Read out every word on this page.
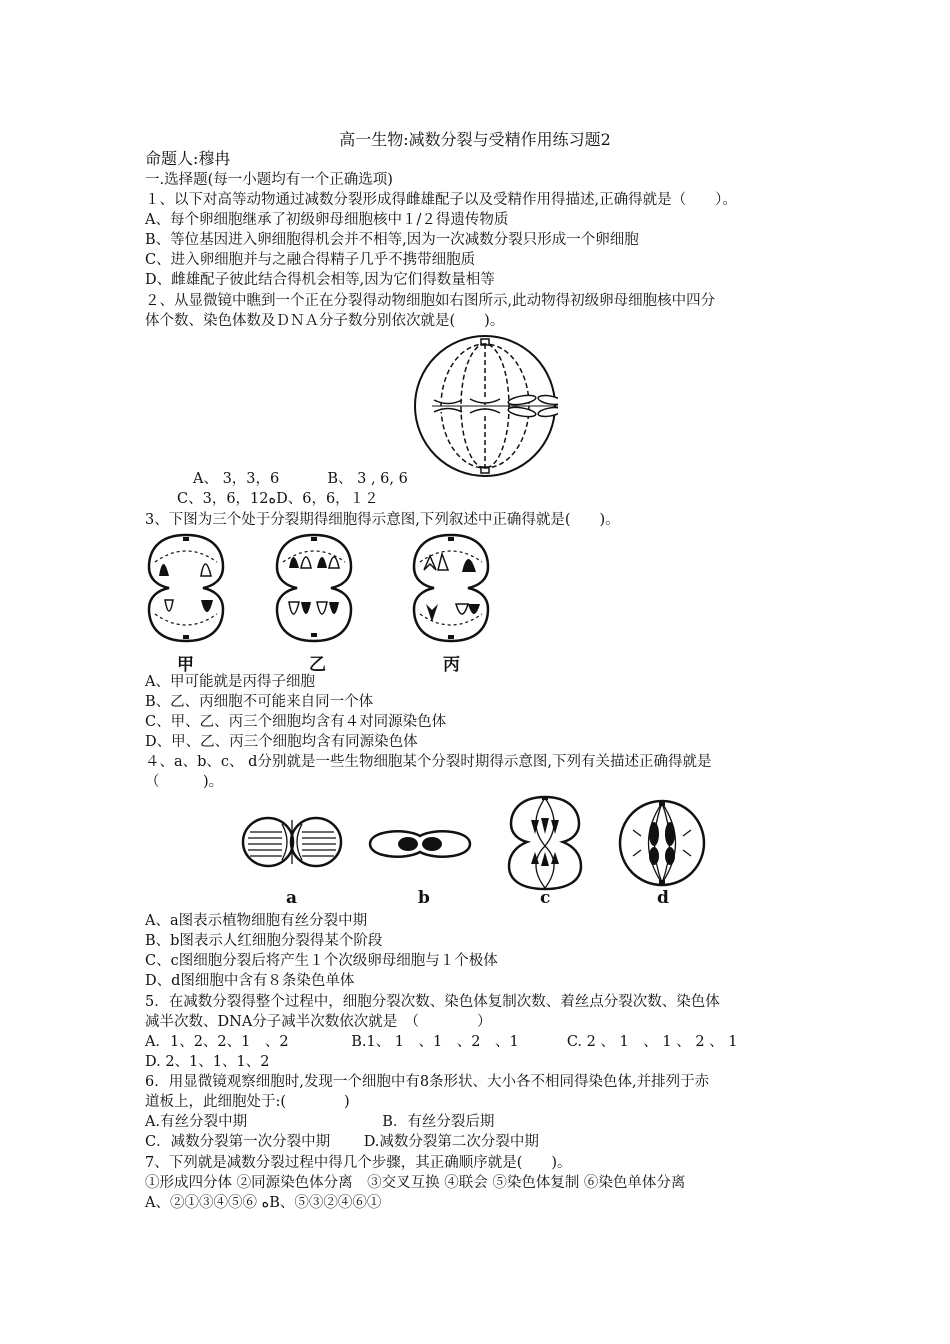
高一生物:减数分裂与受精作用练习题2
命题人:穆冉
一.选择题(每一小题均有一个正确选项)
１、以下对高等动物通过减数分裂形成得雌雄配子以及受精作用得描述,正确得就是（　　）。
A、每个卵细胞继承了初级卵母细胞核中１/２得遗传物质
B、等位基因进入卵细胞得机会并不相等,因为一次减数分裂只形成一个卵细胞
C、进入卵细胞并与之融合得精子几乎不携带细胞质
D、雌雄配子彼此结合得机会相等,因为它们得数量相等
２、从显微镜中瞧到一个正在分裂得动物细胞如右图所示,此动物得初级卵母细胞核中四分
体个数、染色体数及ＤＮＡ分子数分别依次就是(　　)。
A、 3，3，6　　　 B、 3 , 6, 6
C、3，6，12ﻩD、6，6，１２
3、下图为三个处于分裂期得细胞得示意图,下列叙述中正确得就是(　　)。
甲	乙	丙
A、甲可能就是丙得子细胞
B、乙、丙细胞不可能来自同一个体
C、甲、乙、丙三个细胞均含有４对同源染色体
D、甲、乙、丙三个细胞均含有同源染色体
４、a、b、c、 d分别就是一些生物细胞某个分裂时期得示意图,下列有关描述正确得就是
（　　　)。
a	b	c	d
A、a图表示植物细胞有丝分裂中期
B、b图表示人红细胞分裂得某个阶段
C、c图细胞分裂后将产生１个次级卵母细胞与１个极体
D、d图细胞中含有８条染色单体
5．在减数分裂得整个过程中，细胞分裂次数、染色体复制次数、着丝点分裂次数、染色体
减半次数、DNA分子减半次数依次就是　（　　　　）
A．1、2、2、1　、2　　　　 B.1、 1　、1　、2　、1　　　 C. 2 、 1　、 1 、 2 、 1
D. 2、1、1、1、2
6．用显微镜观察细胞时,发现一个细胞中有8条形状、大小各不相同得染色体,并排列于赤
道板上，此细胞处于:(　　　　)
A.有丝分裂中期　　　　　　　　　 B．有丝分裂后期
C．减数分裂第一次分裂中期　　 D.减数分裂第二次分裂中期
7、下列就是减数分裂过程中得几个步骤，其正确顺序就是(　　)。
①形成四分体 ②同源染色体分离　③交叉互换 ④联会 ⑤染色体复制 ⑥染色单体分离
A、②①③④⑤⑥ ﻩB、⑤③②④⑥①
